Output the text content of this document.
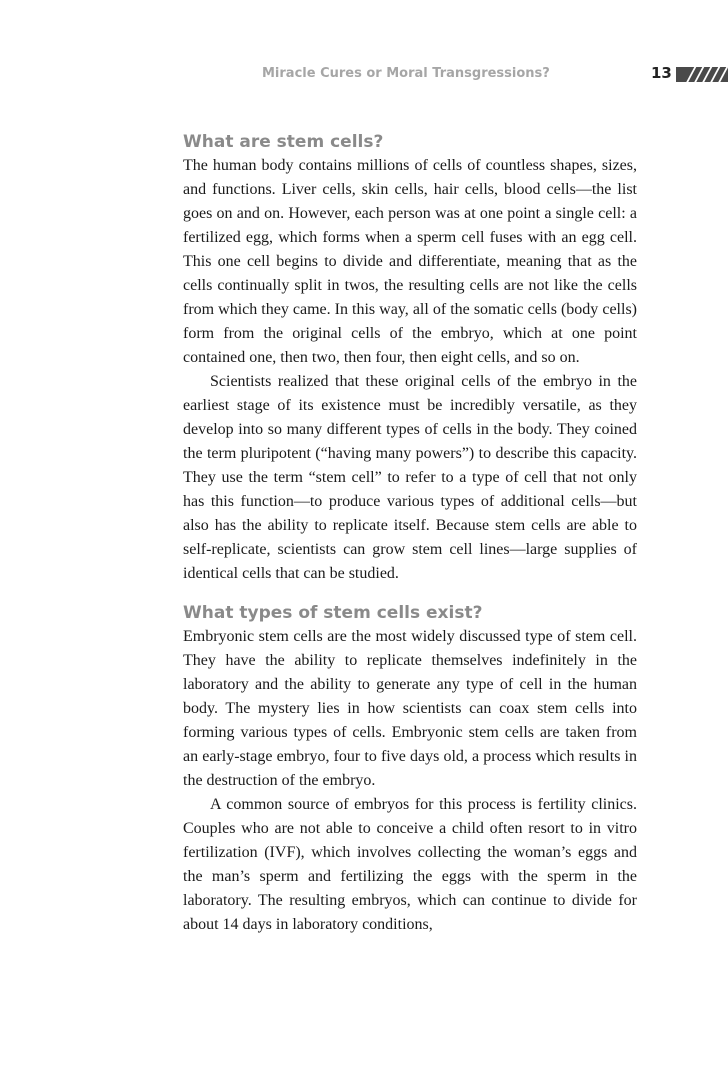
Miracle Cures or Moral Transgressions?	13
What are stem cells?

The human body contains millions of cells of countless shapes, sizes, and functions. Liver cells, skin cells, hair cells, blood cells—the list goes on and on. However, each person was at one point a single cell: a fertilized egg, which forms when a sperm cell fuses with an egg cell. This one cell begins to divide and differentiate, meaning that as the cells continually split in twos, the resulting cells are not like the cells from which they came. In this way, all of the somatic cells (body cells) form from the original cells of the embryo, which at one point contained one, then two, then four, then eight cells, and so on.

Scientists realized that these original cells of the embryo in the earliest stage of its existence must be incredibly versatile, as they develop into so many different types of cells in the body. They coined the term pluripotent (“having many powers”) to describe this capacity. They use the term “stem cell” to refer to a type of cell that not only has this function—to produce various types of additional cells—but also has the ability to replicate itself. Because stem cells are able to self-replicate, scientists can grow stem cell lines—large supplies of identical cells that can be studied.

What types of stem cells exist?

Embryonic stem cells are the most widely discussed type of stem cell. They have the ability to replicate themselves indefinitely in the laboratory and the ability to generate any type of cell in the human body. The mystery lies in how scientists can coax stem cells into forming various types of cells. Embryonic stem cells are taken from an early-stage embryo, four to five days old, a process which results in the destruction of the embryo.

A common source of embryos for this process is fertility clinics. Couples who are not able to conceive a child often resort to in vitro fertilization (IVF), which involves collecting the woman’s eggs and the man’s sperm and fertilizing the eggs with the sperm in the laboratory. The resulting embryos, which can continue to divide for about 14 days in laboratory conditions,
